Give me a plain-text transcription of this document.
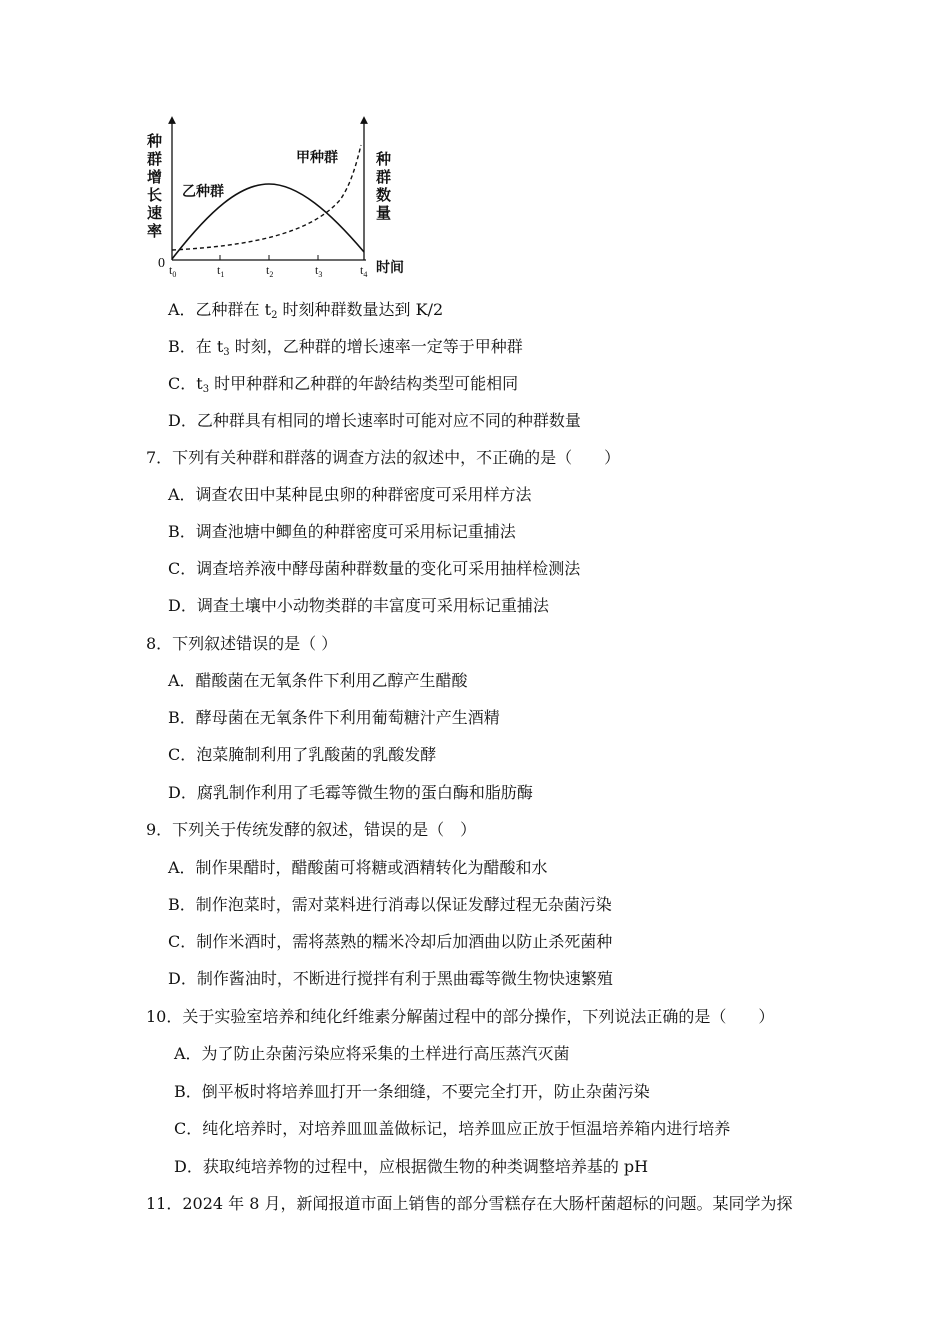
种
群
增
长
速
率
种
群
数
量
0	时间
$t_0$	$t_1$	$t_2$	$t_3$	$t_4$
甲种群
乙种群
A．乙种群在 $t_2$ 时刻种群数量达到 K/2
B．在 $t_3$ 时刻，乙种群的增长速率一定等于甲种群
C．$t_3$ 时甲种群和乙种群的年龄结构类型可能相同
D．乙种群具有相同的增长速率时可能对应不同的种群数量
7．下列有关种群和群落的调查方法的叙述中，不正确的是（　　）
A．调查农田中某种昆虫卵的种群密度可采用样方法
B．调查池塘中鲫鱼的种群密度可采用标记重捕法
C．调查培养液中酵母菌种群数量的变化可采用抽样检测法
D．调查土壤中小动物类群的丰富度可采用标记重捕法
8．下列叙述错误的是（ ）
A．醋酸菌在无氧条件下利用乙醇产生醋酸
B．酵母菌在无氧条件下利用葡萄糖汁产生酒精
C．泡菜腌制利用了乳酸菌的乳酸发酵
D．腐乳制作利用了毛霉等微生物的蛋白酶和脂肪酶
9．下列关于传统发酵的叙述，错误的是（　）
A．制作果醋时，醋酸菌可将糖或酒精转化为醋酸和水
B．制作泡菜时，需对菜料进行消毒以保证发酵过程无杂菌污染
C．制作米酒时，需将蒸熟的糯米冷却后加酒曲以防止杀死菌种
D．制作酱油时，不断进行搅拌有利于黑曲霉等微生物快速繁殖
10．关于实验室培养和纯化纤维素分解菌过程中的部分操作，下列说法正确的是（　　）
A．为了防止杂菌污染应将采集的土样进行高压蒸汽灭菌
B．倒平板时将培养皿打开一条细缝，不要完全打开，防止杂菌污染
C．纯化培养时，对培养皿皿盖做标记，培养皿应正放于恒温培养箱内进行培养
D．获取纯培养物的过程中，应根据微生物的种类调整培养基的 pH
11．2024 年 8 月，新闻报道市面上销售的部分雪糕存在大肠杆菌超标的问题。某同学为探
